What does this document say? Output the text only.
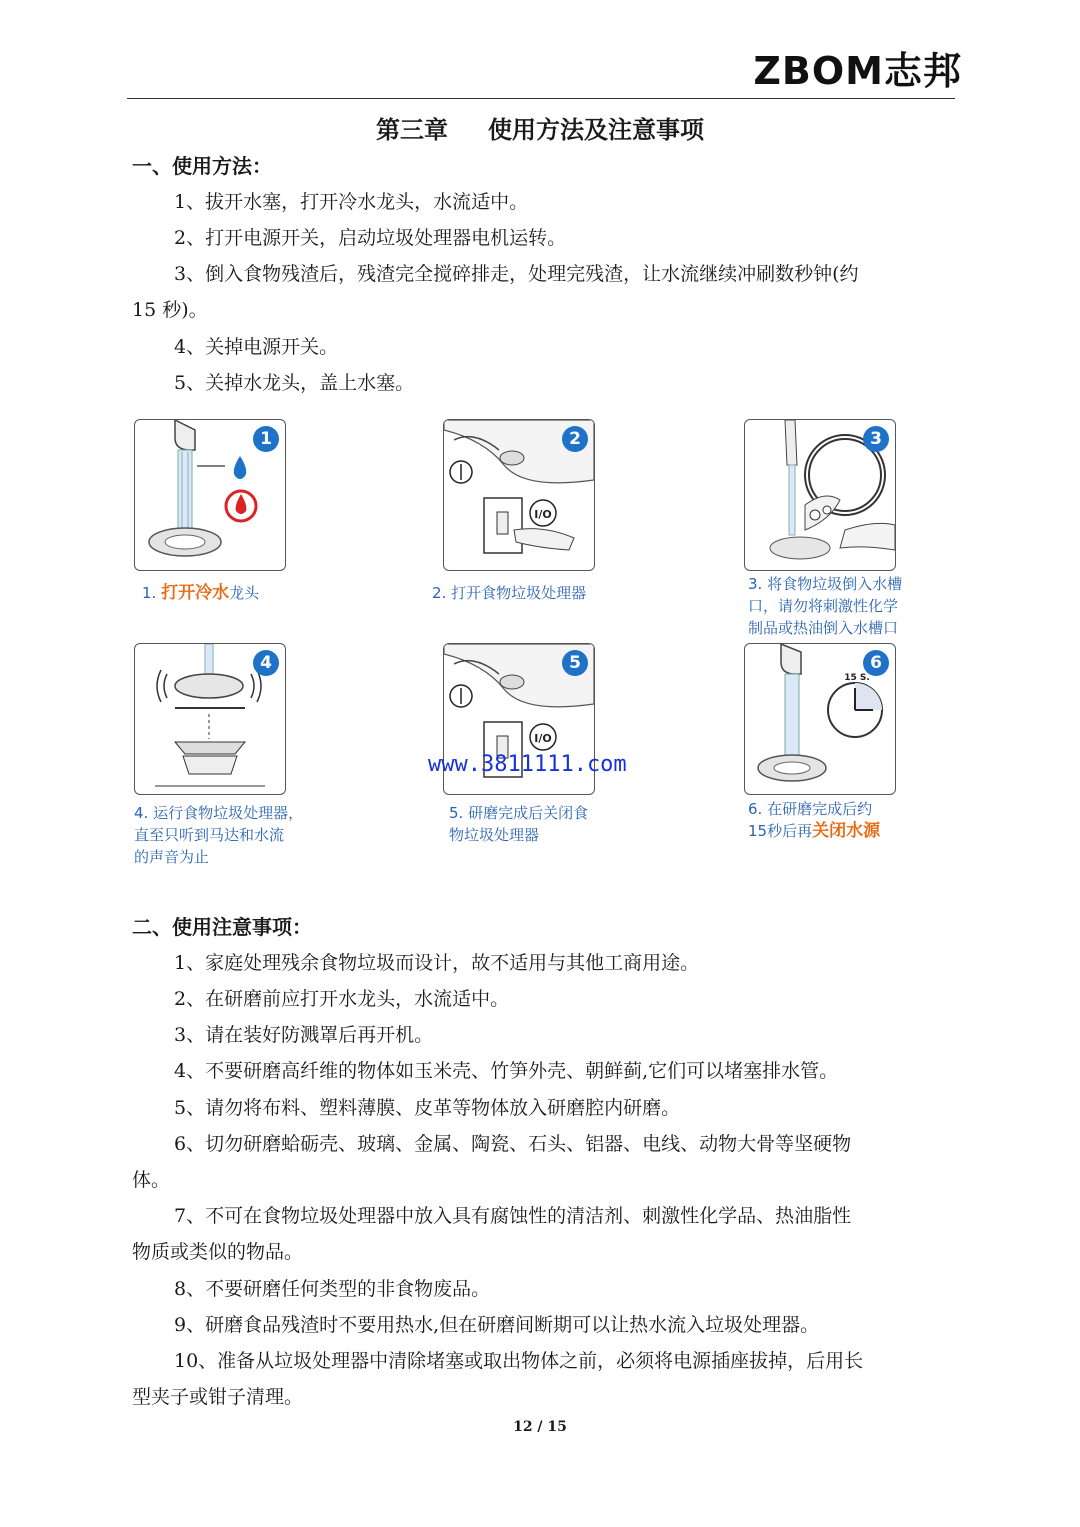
ZBOM志邦
第三章 使用方法及注意事项
一、使用方法：
1、拔开水塞，打开冷水龙头，水流适中。
2、打开电源开关，启动垃圾处理器电机运转。
3、倒入食物残渣后，残渣完全搅碎排走，处理完残渣，让水流继续冲刷数秒钟(约
15 秒)。
4、关掉电源开关。
5、关掉水龙头，盖上水塞。
1
1. 打开冷水龙头
I/O
2
2. 打开食物垃圾处理器
3
3. 将食物垃圾倒入水槽
口，请勿将刺激性化学
制品或热油倒入水槽口
4
4. 运行食物垃圾处理器，
直至只听到马达和水流
的声音为止
I/O
5
5. 研磨完成后关闭食
物垃圾处理器
15 S.
6
6. 在研磨完成后约
15秒后再关闭水源
www.3811111.com
二、使用注意事项：
1、家庭处理残余食物垃圾而设计，故不适用与其他工商用途。
2、在研磨前应打开水龙头，水流适中。
3、请在装好防溅罩后再开机。
4、不要研磨高纤维的物体如玉米壳、竹笋外壳、朝鲜蓟,它们可以堵塞排水管。
5、请勿将布料、塑料薄膜、皮革等物体放入研磨腔内研磨。
6、切勿研磨蛤砺壳、玻璃、金属、陶瓷、石头、铝器、电线、动物大骨等坚硬物
体。
7、不可在食物垃圾处理器中放入具有腐蚀性的清洁剂、刺激性化学品、热油脂性
物质或类似的物品。
8、不要研磨任何类型的非食物废品。
9、研磨食品残渣时不要用热水,但在研磨间断期可以让热水流入垃圾处理器。
10、准备从垃圾处理器中清除堵塞或取出物体之前，必须将电源插座拔掉，后用长
型夹子或钳子清理。
12 / 15
